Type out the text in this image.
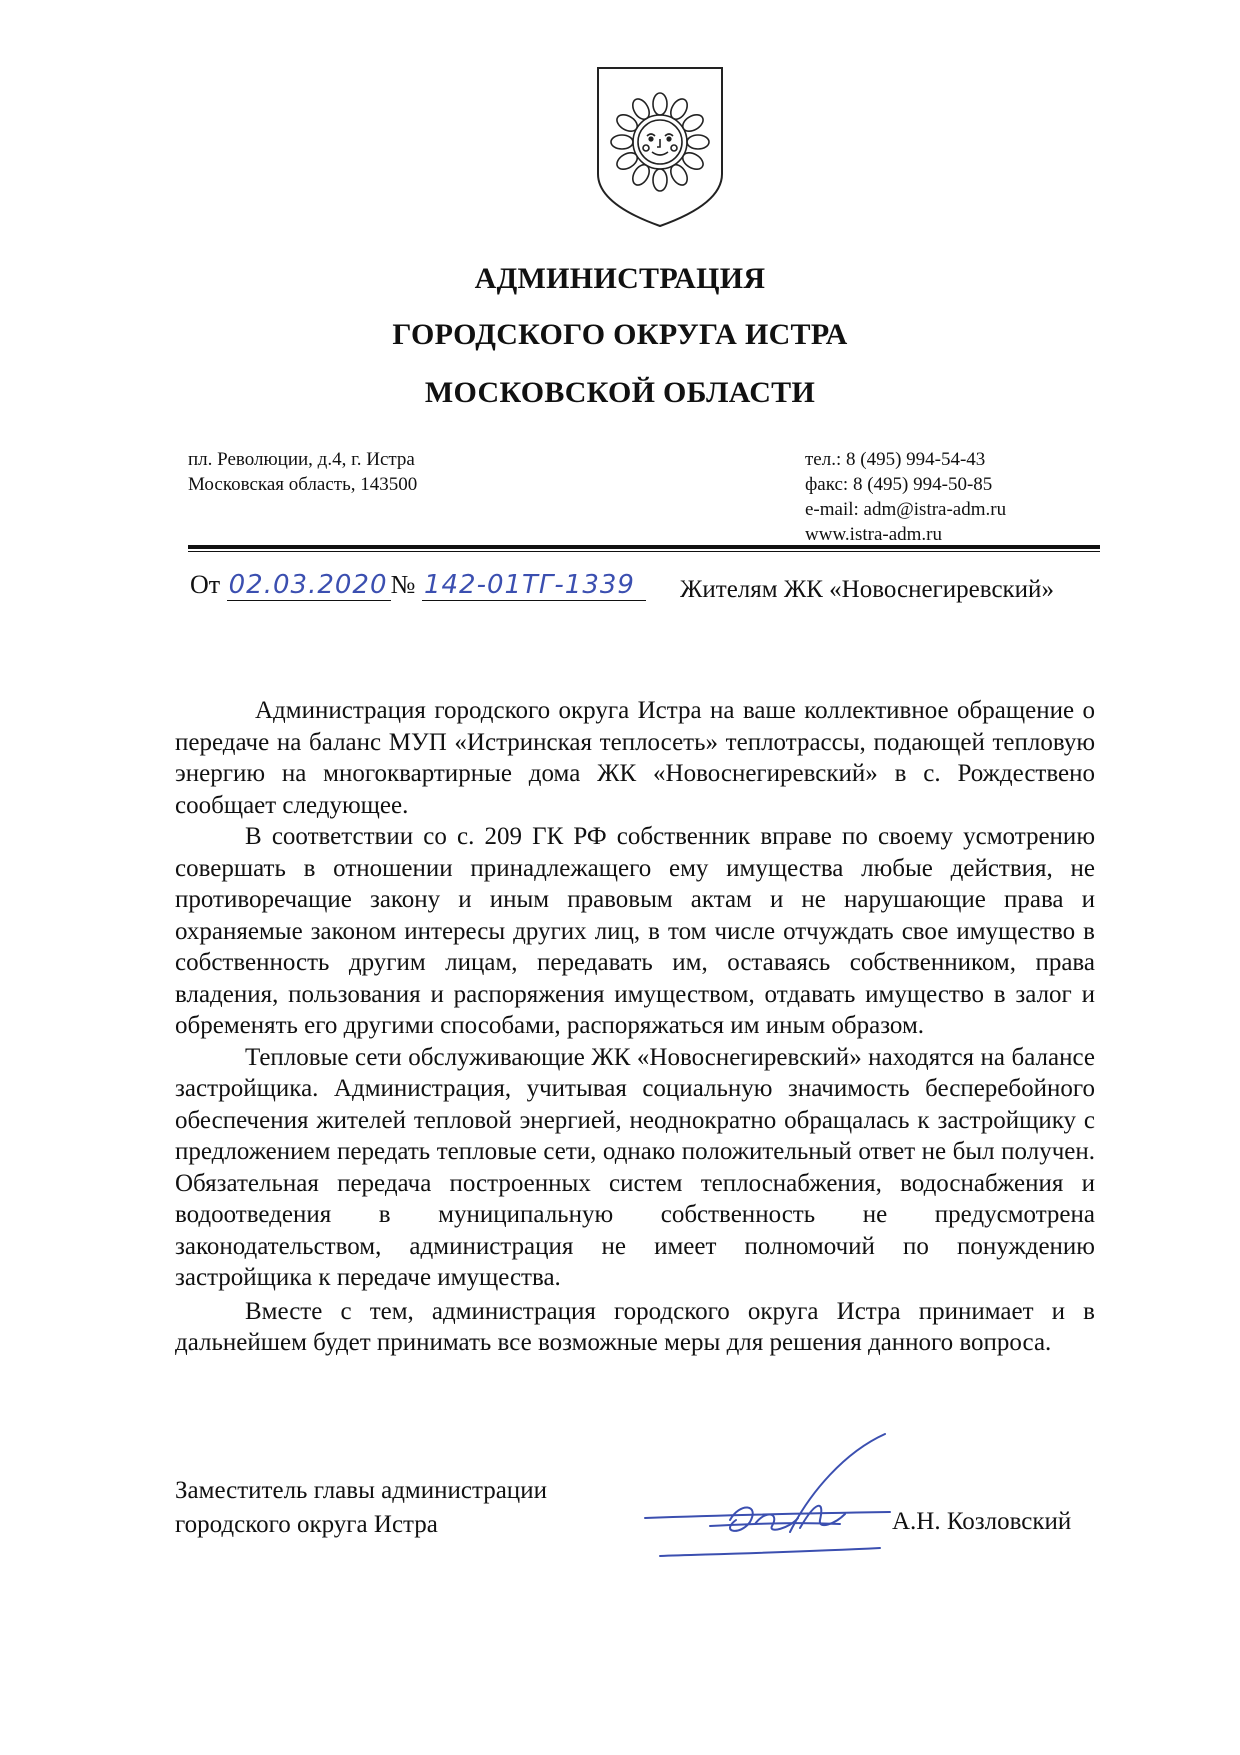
АДМИНИСТРАЦИЯ
ГОРОДСКОГО ОКРУГА ИСТРА
МОСКОВСКОЙ ОБЛАСТИ
пл. Революции, д.4, г. Истра
Московская область, 143500
тел.: 8 (495) 994-54-43
факс: 8 (495) 994-50-85
e-mail: adm@istra-adm.ru
www.istra-adm.ru
От 02.03.2020 № 142-01ТГ-1339	Жителям ЖК «Новоснегиревский»

Администрация городского округа Истра на ваше коллективное обращение о передаче на баланс МУП «Истринская теплосеть» теплотрассы, подающей тепловую энергию на многоквартирные дома ЖК «Новоснегиревский» в с. Рождествено сообщает следующее.

В соответствии со с. 209 ГК РФ собственник вправе по своему усмотрению совершать в отношении принадлежащего ему имущества любые действия, не противоречащие закону и иным правовым актам и не нарушающие права и охраняемые законом интересы других лиц, в том числе отчуждать свое имущество в собственность другим лицам, передавать им, оставаясь собственником, права владения, пользования и распоряжения имуществом, отдавать имущество в залог и обременять его другими способами, распоряжаться им иным образом.

Тепловые сети обслуживающие ЖК «Новоснегиревский» находятся на балансе застройщика. Администрация, учитывая социальную значимость бесперебойного обеспечения жителей тепловой энергией, неоднократно обращалась к застройщику с предложением передать тепловые сети, однако положительный ответ не был получен. Обязательная передача построенных систем теплоснабжения, водоснабжения и водоотведения в муниципальную собственность не предусмотрена законодательством, администрация не имеет полномочий по понуждению застройщика к передаче имущества.

Вместе с тем, администрация городского округа Истра принимает и в дальнейшем будет принимать все возможные меры для решения данного вопроса.

Заместитель главы администрации
городского округа Истра	А.Н. Козловский
